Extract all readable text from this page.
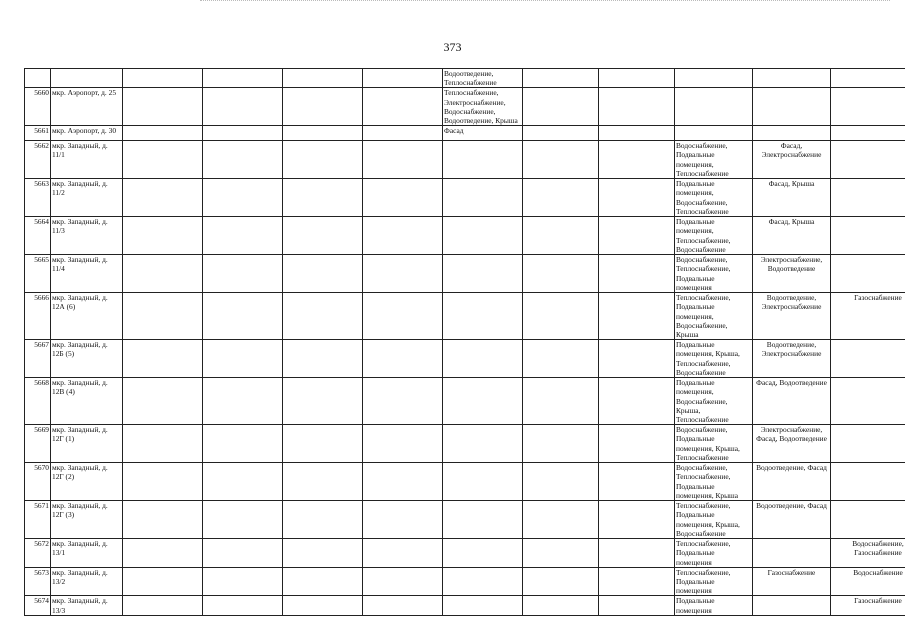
373
						Водоотведение, Теплоснабжение					
5660	мкр. Аэропорт, д. 25					Теплоснабжение, Электроснабжение, Водоснабжение, Водоотведение, Крыша					
5661	мкр. Аэропорт, д. 30					Фасад					
5662	мкр. Западный, д. 11/1								Водоснабжение, Подвальные помещения, Теплоснабжение	Фасад, Электроснабжение	
5663	мкр. Западный, д. 11/2								Подвальные помещения, Водоснабжение, Теплоснабжение	Фасад, Крыша	
5664	мкр. Западный, д. 11/3								Подвальные помещения, Теплоснабжение, Водоснабжение	Фасад, Крыша	
5665	мкр. Западный, д. 11/4								Водоснабжение, Теплоснабжение, Подвальные помещения	Электроснабжение, Водоотведение	
5666	мкр. Западный, д. 12А (6)								Теплоснабжение, Подвальные помещения, Водоснабжение, Крыша	Водоотведение, Электроснабжение	Газоснабжение
5667	мкр. Западный, д. 12Б (5)								Подвальные помещения, Крыша, Теплоснабжение, Водоснабжение	Водоотведение, Электроснабжение	
5668	мкр. Западный, д. 12В (4)								Подвальные помещения, Водоснабжение, Крыша, Теплоснабжение	Фасад, Водоотведение	
5669	мкр. Западный, д. 12Г (1)								Водоснабжение, Подвальные помещения, Крыша, Теплоснабжение	Электроснабжение, Фасад, Водоотведение	
5670	мкр. Западный, д. 12Г (2)								Водоснабжение, Теплоснабжение, Подвальные помещения, Крыша	Водоотведение, Фасад	
5671	мкр. Западный, д. 12Г (3)								Теплоснабжение, Подвальные помещения, Крыша, Водоснабжение	Водоотведение, Фасад	
5672	мкр. Западный, д. 13/1								Теплоснабжение, Подвальные помещения		Водоснабжение, Газоснабжение
5673	мкр. Западный, д. 13/2								Теплоснабжение, Подвальные помещения	Газоснабжение	Водоснабжение
5674	мкр. Западный, д. 13/3								Подвальные помещения		Газоснабжение
